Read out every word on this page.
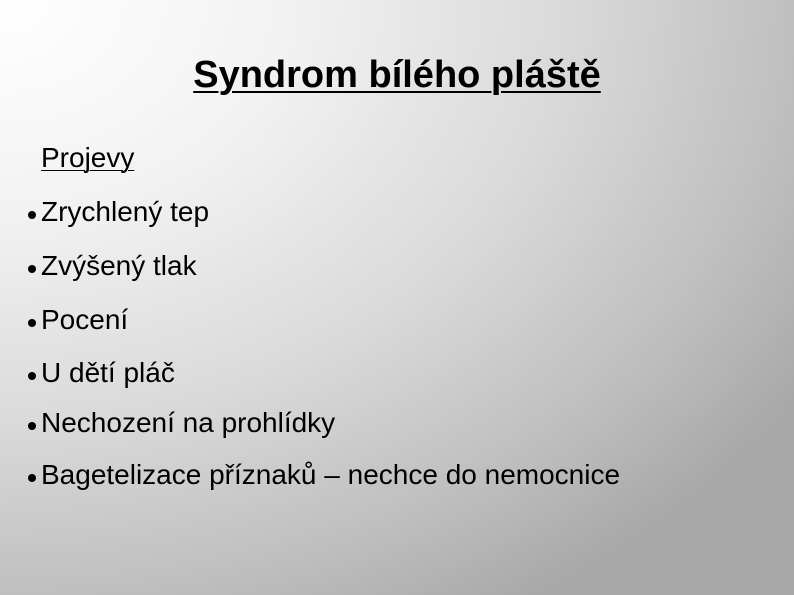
Syndrom bílého pláště
Projevy
Zrychlený tep
Zvýšený tlak
Pocení
U dětí pláč
Nechození na prohlídky
Bagetelizace příznaků – nechce do nemocnice
